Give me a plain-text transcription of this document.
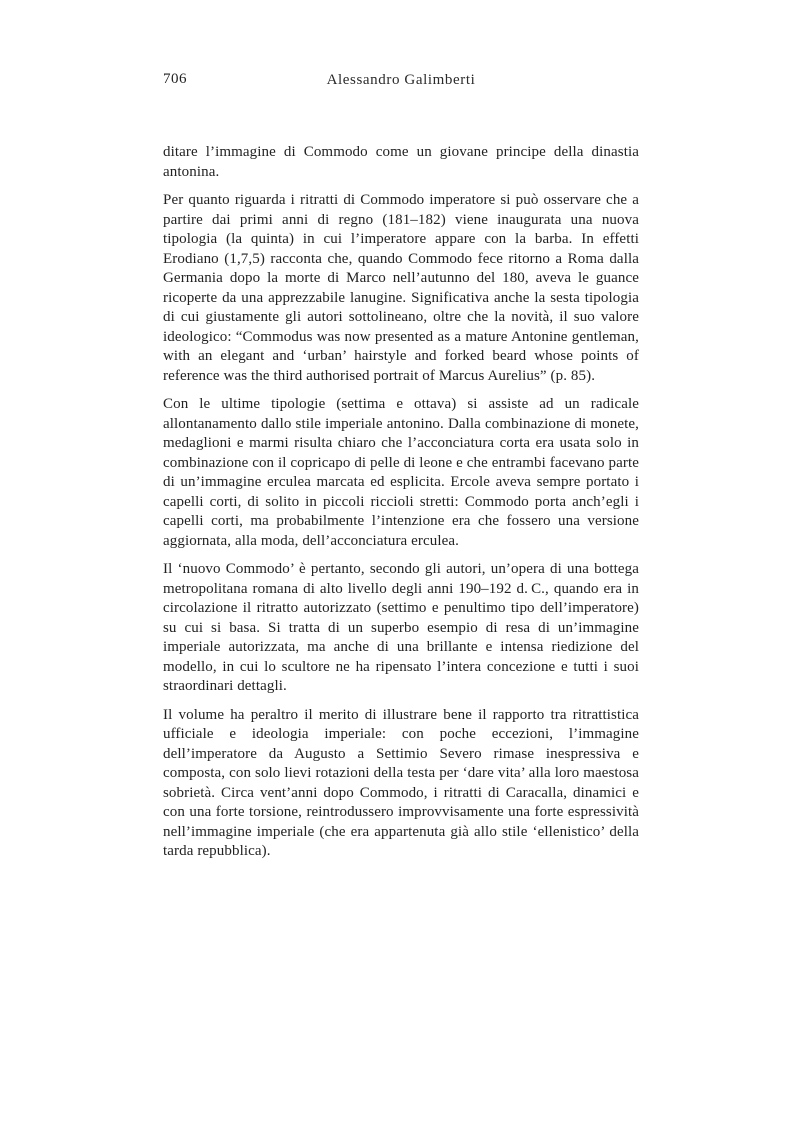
706	Alessandro Galimberti

ditare l’immagine di Commodo come un giovane principe della dinastia antonina.

Per quanto riguarda i ritratti di Commodo imperatore si può osservare che a partire dai primi anni di regno (181–182) viene inaugurata una nuova tipologia (la quinta) in cui l’imperatore appare con la barba. In effetti Erodiano (1,7,5) racconta che, quando Commodo fece ritorno a Roma dalla Germania dopo la morte di Marco nell’autunno del 180, aveva le guance ricoperte da una apprezzabile lanugine. Significativa anche la sesta tipologia di cui giustamente gli autori sottolineano, oltre che la novità, il suo valore ideologico: “Commodus was now presented as a mature Antonine gentleman, with an elegant and ‘urban’ hairstyle and forked beard whose points of reference was the third authorised portrait of Marcus Aurelius” (p. 85).

Con le ultime tipologie (settima e ottava) si assiste ad un radicale allontanamento dallo stile imperiale antonino. Dalla combinazione di monete, medaglioni e marmi risulta chiaro che l’acconciatura corta era usata solo in combinazione con il copricapo di pelle di leone e che entrambi facevano parte di un’immagine erculea marcata ed esplicita. Ercole aveva sempre portato i capelli corti, di solito in piccoli riccioli stretti: Commodo porta anch’egli i capelli corti, ma probabilmente l’intenzione era che fossero una versione aggiornata, alla moda, dell’acconciatura erculea.

Il ‘nuovo Commodo’ è pertanto, secondo gli autori, un’opera di una bottega metropolitana romana di alto livello degli anni 190–192 d. C., quando era in circolazione il ritratto autorizzato (settimo e penultimo tipo dell’imperatore) su cui si basa. Si tratta di un superbo esempio di resa di un’immagine imperiale autorizzata, ma anche di una brillante e intensa riedizione del modello, in cui lo scultore ne ha ripensato l’intera concezione e tutti i suoi straordinari dettagli.

Il volume ha peraltro il merito di illustrare bene il rapporto tra ritrattistica ufficiale e ideologia imperiale: con poche eccezioni, l’immagine dell’imperatore da Augusto a Settimio Severo rimase inespressiva e composta, con solo lievi rotazioni della testa per ‘dare vita’ alla loro maestosa sobrietà. Circa vent’anni dopo Commodo, i ritratti di Caracalla, dinamici e con una forte torsione, reintrodussero improvvisamente una forte espressività nell’immagine imperiale (che era appartenuta già allo stile ‘ellenistico’ della tarda repubblica).
